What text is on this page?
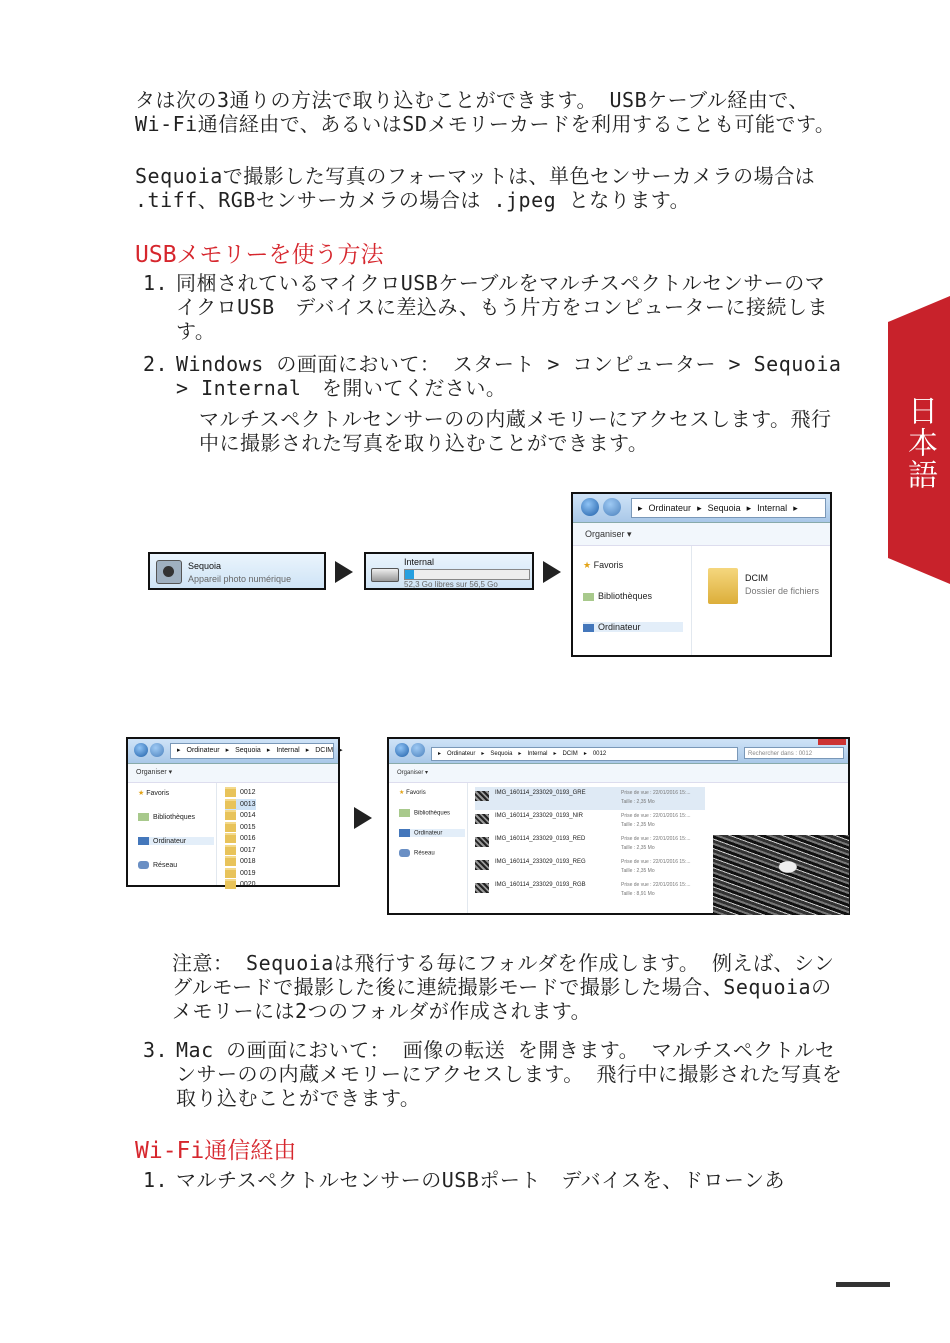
タは次の3通りの方法で取り込むことができます。 USBケーブル経由で、Wi-Fi通信経由で、あるいはSDメモリーカードを利用することも可能です。

Sequoiaで撮影した写真のフォーマットは、単色センサーカメラの場合は .tiff、RGBセンサーカメラの場合は .jpeg となります。

USBメモリーを使う方法
1. 同梱されているマイクロUSBケーブルをマルチスペクトルセンサーのマイクロUSB　デバイスに差込み、もう片方をコンピューターに接続します。
2. Windows の画面において： スタート > コンピューター > Sequoia > Internal　を開いてください。
マルチスペクトルセンサーのの内蔵メモリーにアクセスします。飛行中に撮影された写真を取り込むことができます。	日本語
Sequoia
Appareil photo numérique
Internal
52,3 Go libres sur 56,5 Go
▸ Ordinateur ▸ Sequoia ▸ Internal ▸
Organiser ▾
★ Favoris
Bibliothèques
Ordinateur
DCIM
Dossier de fichiers
▸ Ordinateur ▸ Sequoia ▸ Internal ▸ DCIM ▸
Organiser ▾
★ Favoris
Bibliothèques
Ordinateur
Réseau
0012
0013
0014
0015
0016
0017
0018
0019
0020
▸ Ordinateur ▸ Sequoia ▸ Internal ▸ DCIM ▸ 0012	Rechercher dans : 0012
Organiser ▾
★ Favoris
Bibliothèques
Ordinateur
Réseau
IMG_160114_233029_0193_GRE	Prise de vue : 22/01/2016 15:...
Taille : 2,35 Mo
IMG_160114_233029_0193_NIR	Prise de vue : 22/01/2016 15:...
Taille : 2,35 Mo
IMG_160114_233029_0193_RED	Prise de vue : 22/01/2016 15:...
Taille : 2,35 Mo
IMG_160114_233029_0193_REG	Prise de vue : 22/01/2016 15:...
Taille : 2,35 Mo
IMG_160114_233029_0193_RGB	Prise de vue : 22/01/2016 15:...
Taille : 8,91 Mo
注意： Sequoiaは飛行する毎にフォルダを作成します。 例えば、シングルモードで撮影した後に連続撮影モードで撮影した場合、Sequoiaのメモリーには2つのフォルダが作成されます。
3. Mac の画面において： 画像の転送 を開きます。 マルチスペクトルセンサーのの内蔵メモリーにアクセスします。 飛行中に撮影された写真を取り込むことができます。
Wi-Fi通信経由
1. マルチスペクトルセンサーのUSBポート　デバイスを、ドローンあ
